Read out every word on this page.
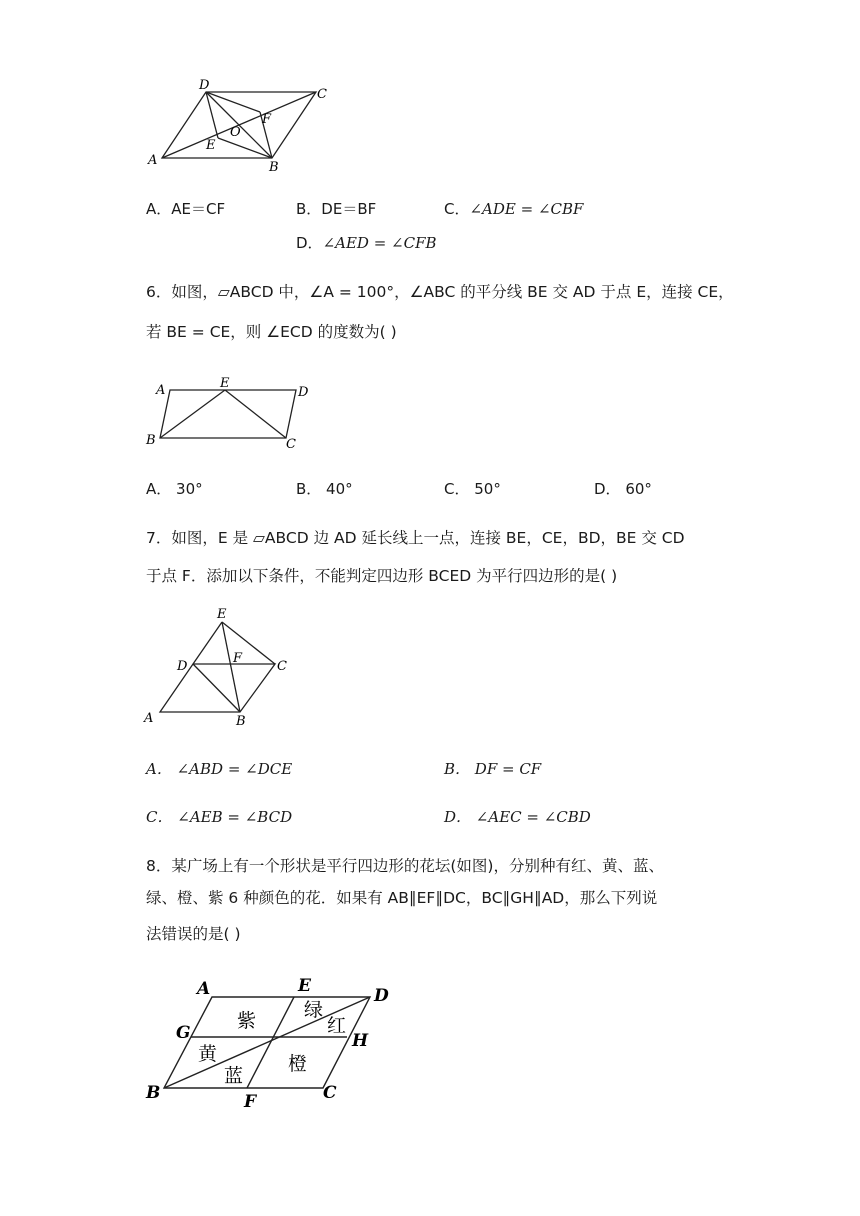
A	B
C
D
E
F
O
A．AE＝CF	B．DE＝BF	C．∠ADE = ∠CBF
D．∠AED = ∠CFB
6．如图，▱ABCD 中，∠A = 100°，∠ABC 的平分线 BE 交 AD 于点 E，连接 CE，
若 BE = CE，则 ∠ECD 的度数为( )
A
B	C
D
E
A． 30°	B． 40°	C． 50°	D． 60°
7．如图，E 是 ▱ABCD 边 AD 延长线上一点，连接 BE，CE，BD，BE 交 CD
于点 F．添加以下条件，不能判定四边形 BCED 为平行四边形的是( )
A	B
C
D
E
F
A． ∠ABD = ∠DCE	B． DF = CF
C． ∠AEB = ∠BCD	D． ∠AEC = ∠CBD
8．某广场上有一个形状是平行四边形的花坛(如图)，分别种有红、黄、蓝、
绿、橙、紫 6 种颜色的花．如果有 AB∥EF∥DC，BC∥GH∥AD，那么下列说
法错误的是( )
A
B	C
D
E
F
G	H
紫	绿
红
黄
蓝
橙
